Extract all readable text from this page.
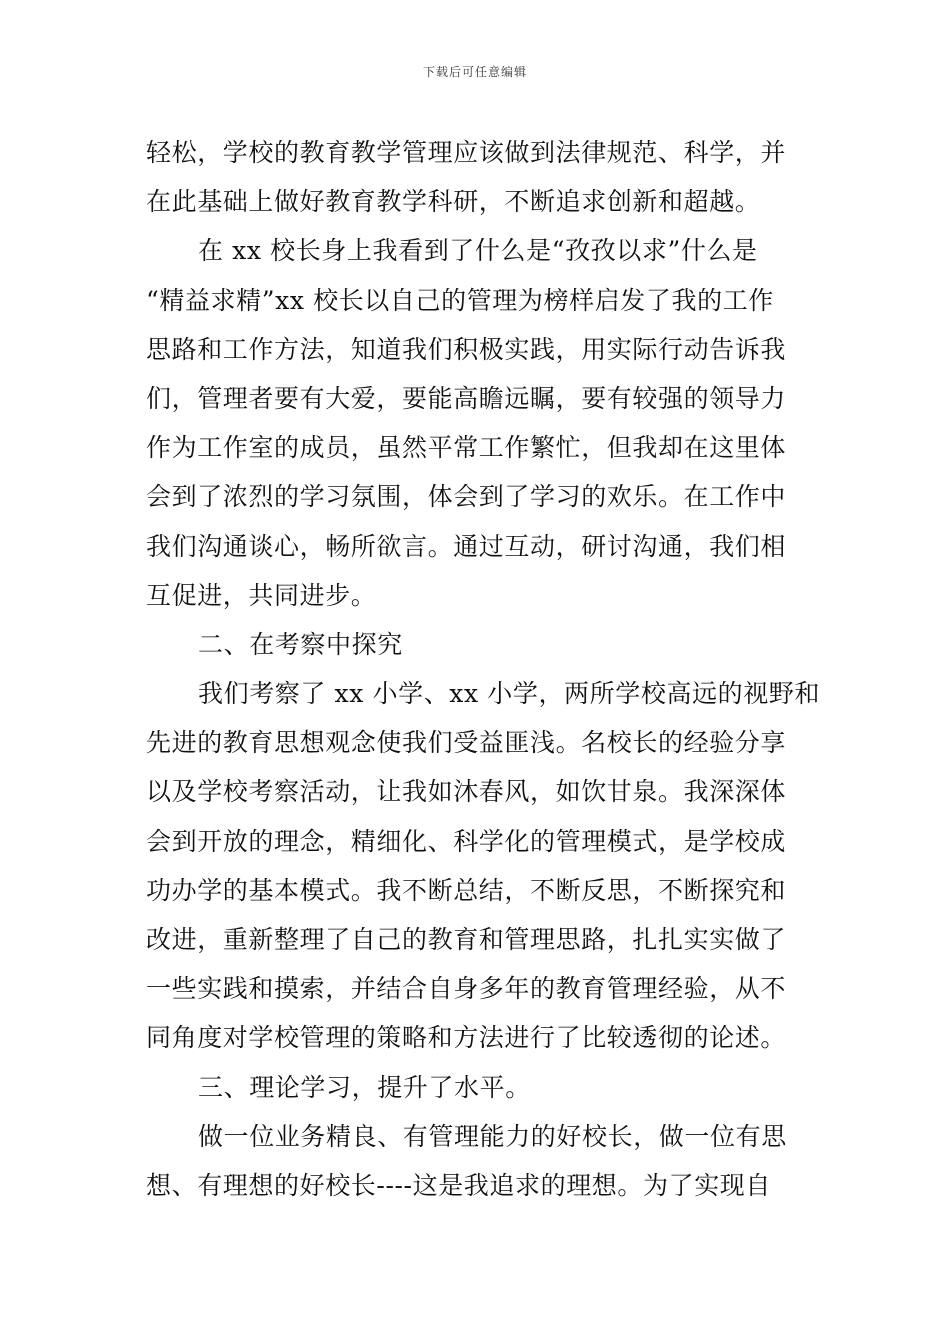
下载后可任意编辑
轻松，学校的教育教学管理应该做到法律规范、科学，并
在此基础上做好教育教学科研，不断追求创新和超越。
在 xx 校长身上我看到了什么是“孜孜以求”什么是
“精益求精”xx 校长以自己的管理为榜样启发了我的工作
思路和工作方法，知道我们积极实践，用实际行动告诉我
们，管理者要有大爱，要能高瞻远瞩，要有较强的领导力
作为工作室的成员，虽然平常工作繁忙，但我却在这里体
会到了浓烈的学习氛围，体会到了学习的欢乐。在工作中
我们沟通谈心，畅所欲言。通过互动，研讨沟通，我们相
互促进，共同进步。
二、在考察中探究
我们考察了 xx 小学、xx 小学，两所学校高远的视野和
先进的教育思想观念使我们受益匪浅。名校长的经验分享
以及学校考察活动，让我如沐春风，如饮甘泉。我深深体
会到开放的理念，精细化、科学化的管理模式，是学校成
功办学的基本模式。我不断总结，不断反思，不断探究和
改进，重新整理了自己的教育和管理思路，扎扎实实做了
一些实践和摸索，并结合自身多年的教育管理经验，从不
同角度对学校管理的策略和方法进行了比较透彻的论述。
三、理论学习，提升了水平。
做一位业务精良、有管理能力的好校长，做一位有思
想、有理想的好校长----这是我追求的理想。为了实现自
